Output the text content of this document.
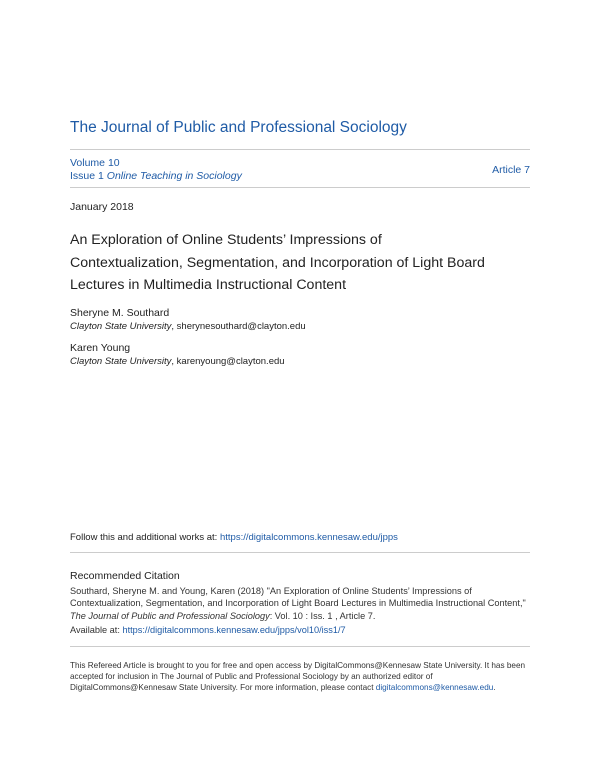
The Journal of Public and Professional Sociology
Volume 10
Issue 1 Online Teaching in Sociology	Article 7
January 2018
An Exploration of Online Students’ Impressions of
Contextualization, Segmentation, and Incorporation of Light Board
Lectures in Multimedia Instructional Content
Sheryne M. Southard
Clayton State University, sherynesouthard@clayton.edu
Karen Young
Clayton State University, karenyoung@clayton.edu
Follow this and additional works at: https://digitalcommons.kennesaw.edu/jpps
Recommended Citation
Southard, Sheryne M. and Young, Karen (2018) "An Exploration of Online Students’ Impressions of Contextualization, Segmentation, and Incorporation of Light Board Lectures in Multimedia Instructional Content," The Journal of Public and Professional Sociology: Vol. 10 : Iss. 1 , Article 7.
Available at: https://digitalcommons.kennesaw.edu/jpps/vol10/iss1/7
This Refereed Article is brought to you for free and open access by DigitalCommons@Kennesaw State University. It has been accepted for inclusion in The Journal of Public and Professional Sociology by an authorized editor of DigitalCommons@Kennesaw State University. For more information, please contact digitalcommons@kennesaw.edu.
